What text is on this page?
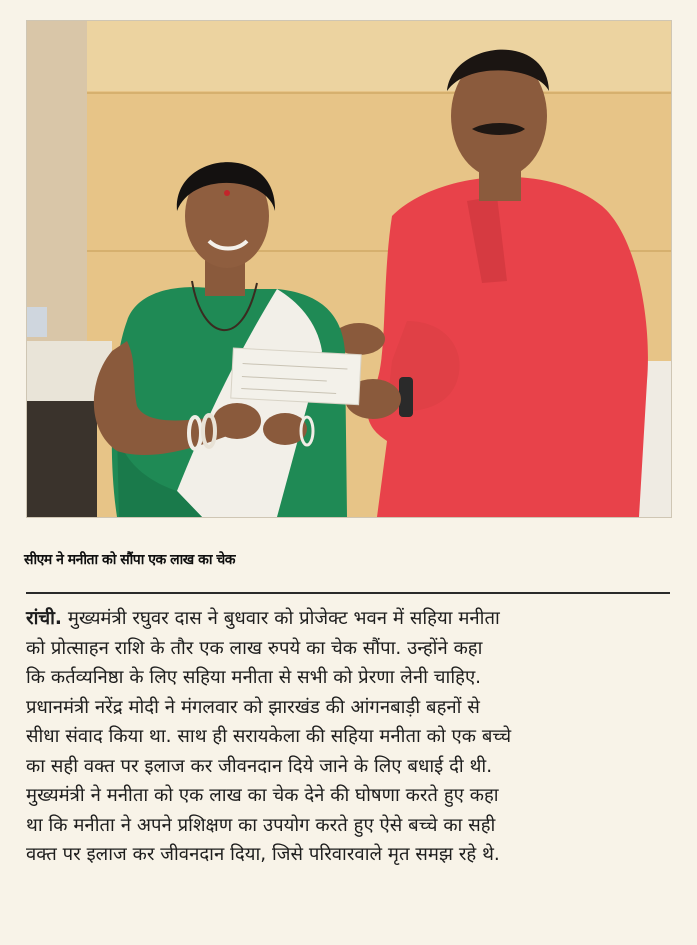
सीएम ने मनीता को सौंपा एक लाख का चेक
रांची. मुख्यमंत्री रघुवर दास ने बुधवार को प्रोजेक्ट भवन में सहिया मनीता
को प्रोत्साहन राशि के तौर एक लाख रुपये का चेक सौंपा. उन्होंने कहा
कि कर्तव्यनिष्ठा के लिए सहिया मनीता से सभी को प्रेरणा लेनी चाहिए.
प्रधानमंत्री नरेंद्र मोदी ने मंगलवार को झारखंड की आंगनबाड़ी बहनों से
सीधा संवाद किया था. साथ ही सरायकेला की सहिया मनीता को एक बच्चे
का सही वक्त पर इलाज कर जीवनदान दिये जाने के लिए बधाई दी थी.
मुख्यमंत्री ने मनीता को एक लाख का चेक देने की घोषणा करते हुए कहा
था कि मनीता ने अपने प्रशिक्षण का उपयोग करते हुए ऐसे बच्चे का सही
वक्त पर इलाज कर जीवनदान दिया, जिसे परिवारवाले मृत समझ रहे थे.
